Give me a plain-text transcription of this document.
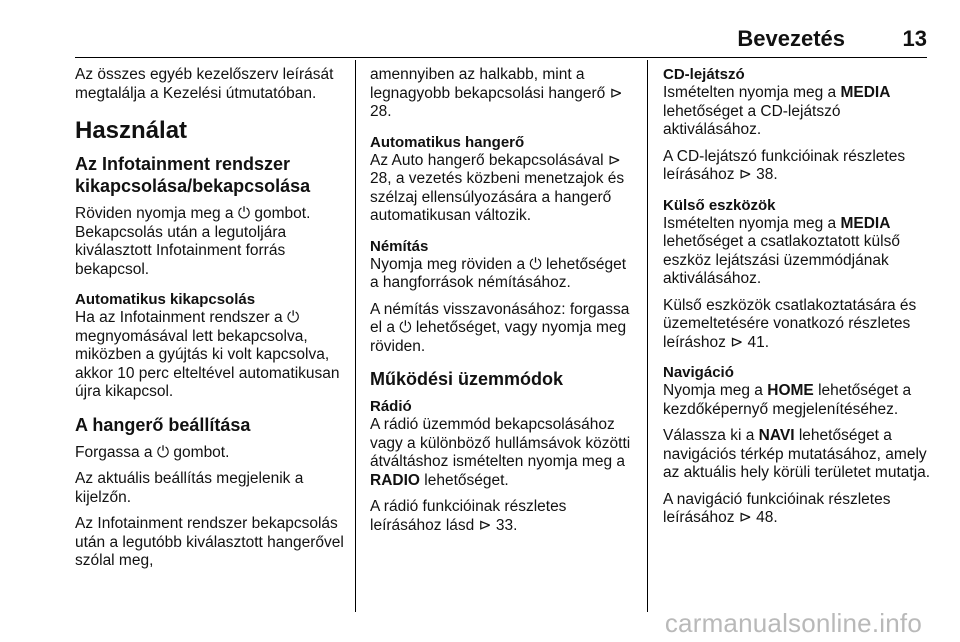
Bevezetés	13

Az összes egyéb kezelőszerv leírását megtalálja a Kezelési útmutatóban.

Használat
Az Infotainment rendszer kikapcsolása/bekapcsolása

Röviden nyomja meg a ⏻ gombot. Bekapcsolás után a legutoljára kiválasztott Infotainment forrás bekapcsol.

Automatikus kikapcsolás

Ha az Infotainment rendszer a ⏻ megnyomásával lett bekapcsolva, miközben a gyújtás ki volt kapcsolva, akkor 10 perc elteltével automatikusan újra kikapcsol.

A hangerő beállítása

Forgassa a ⏻ gombot.

Az aktuális beállítás megjelenik a kijelzőn.

Az Infotainment rendszer bekapcsolás után a legutóbb kiválasztott hangerővel szólal meg,

amennyiben az halkabb, mint a legnagyobb bekapcsolási hangerő ⊳ 28.

Automatikus hangerő

Az Auto hangerő bekapcsolásával ⊳ 28, a vezetés közbeni menetzajok és szélzaj ellensúlyozására a hangerő automatikusan változik.

Némítás

Nyomja meg röviden a ⏻ lehetőséget a hangforrások némításához.

A némítás visszavonásához: forgassa el a ⏻ lehetőséget, vagy nyomja meg röviden.

Működési üzemmódok
Rádió

A rádió üzemmód bekapcsolásához vagy a különböző hullámsávok közötti átváltáshoz ismételten nyomja meg a RADIO lehetőséget.

A rádió funkcióinak részletes leírásához lásd ⊳ 33.

CD-lejátszó

Ismételten nyomja meg a MEDIA lehetőséget a CD-lejátszó aktiválásához.

A CD-lejátszó funkcióinak részletes leírásához ⊳ 38.

Külső eszközök

Ismételten nyomja meg a MEDIA lehetőséget a csatlakoztatott külső eszköz lejátszási üzemmódjának aktiválásához.

Külső eszközök csatlakoztatására és üzemeltetésére vonatkozó részletes leíráshoz ⊳ 41.

Navigáció

Nyomja meg a HOME lehetőséget a kezdőképernyő megjelenítéséhez.

Válassza ki a NAVI lehetőséget a navigációs térkép mutatásához, amely az aktuális hely körüli területet mutatja.

A navigáció funkcióinak részletes leírásához ⊳ 48.

carmanualsonline.info
